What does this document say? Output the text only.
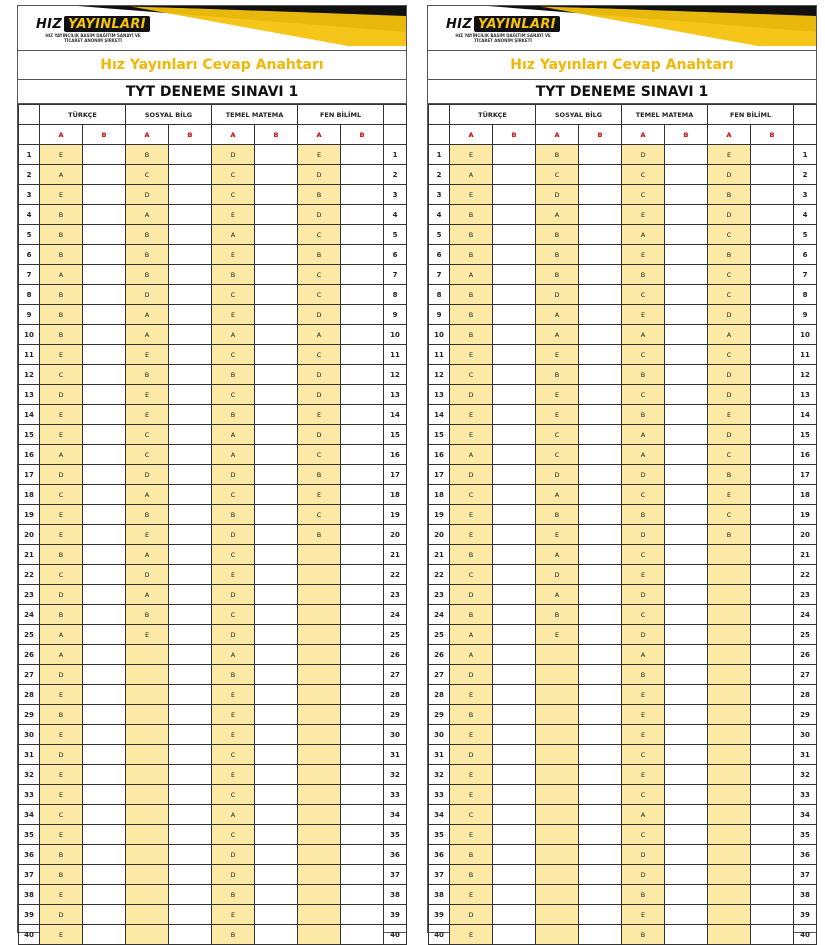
HIZ YAYINLARI
HIZ YAYINCILIK BASIM DAĞITIM SANAYİ VE TİCARET ANONİM ŞİRKETİ
Hız Yayınları Cevap Anahtarı
TYT DENEME SINAVI 1
	TÜRKÇE		SOSYAL BİLG		TEMEL MATEMA		FEN BİLİML		
	A	B	A	B	A	B	A	B	
1	E		B		D		E		1
2	A		C		C		D		2
3	E		D		C		B		3
4	B		A		E		D		4
5	B		B		A		C		5
6	B		B		E		B		6
7	A		B		B		C		7
8	B		D		C		C		8
9	B		A		E		D		9
10	B		A		A		A		10
11	E		E		C		C		11
12	C		B		B		D		12
13	D		E		C		D		13
14	E		E		B		E		14
15	E		C		A		D		15
16	A		C		A		C		16
17	D		D		D		B		17
18	C		A		C		E		18
19	E		B		B		C		19
20	E		E		D		B		20
21	B		A		C				21
22	C		D		E				22
23	D		A		D				23
24	B		B		C				24
25	A		E		D				25
26	A				A				26
27	D				B				27
28	E				E				28
29	B				E				29
30	E				E				30
31	D				C				31
32	E				E				32
33	E				C				33
34	C				A				34
35	E				C				35
36	B				D				36
37	B				D				37
38	E				B				38
39	D				E				39
40	E				B				40
HIZ YAYINLARI
HIZ YAYINCILIK BASIM DAĞITIM SANAYİ VE TİCARET ANONİM ŞİRKETİ
Hız Yayınları Cevap Anahtarı
TYT DENEME SINAVI 1
	TÜRKÇE		SOSYAL BİLG		TEMEL MATEMA		FEN BİLİML		
	A	B	A	B	A	B	A	B	
1	E		B		D		E		1
2	A		C		C		D		2
3	E		D		C		B		3
4	B		A		E		D		4
5	B		B		A		C		5
6	B		B		E		B		6
7	A		B		B		C		7
8	B		D		C		C		8
9	B		A		E		D		9
10	B		A		A		A		10
11	E		E		C		C		11
12	C		B		B		D		12
13	D		E		C		D		13
14	E		E		B		E		14
15	E		C		A		D		15
16	A		C		A		C		16
17	D		D		D		B		17
18	C		A		C		E		18
19	E		B		B		C		19
20	E		E		D		B		20
21	B		A		C				21
22	C		D		E				22
23	D		A		D				23
24	B		B		C				24
25	A		E		D				25
26	A				A				26
27	D				B				27
28	E				E				28
29	B				E				29
30	E				E				30
31	D				C				31
32	E				E				32
33	E				C				33
34	C				A				34
35	E				C				35
36	B				D				36
37	B				D				37
38	E				B				38
39	D				E				39
40	E				B				40
